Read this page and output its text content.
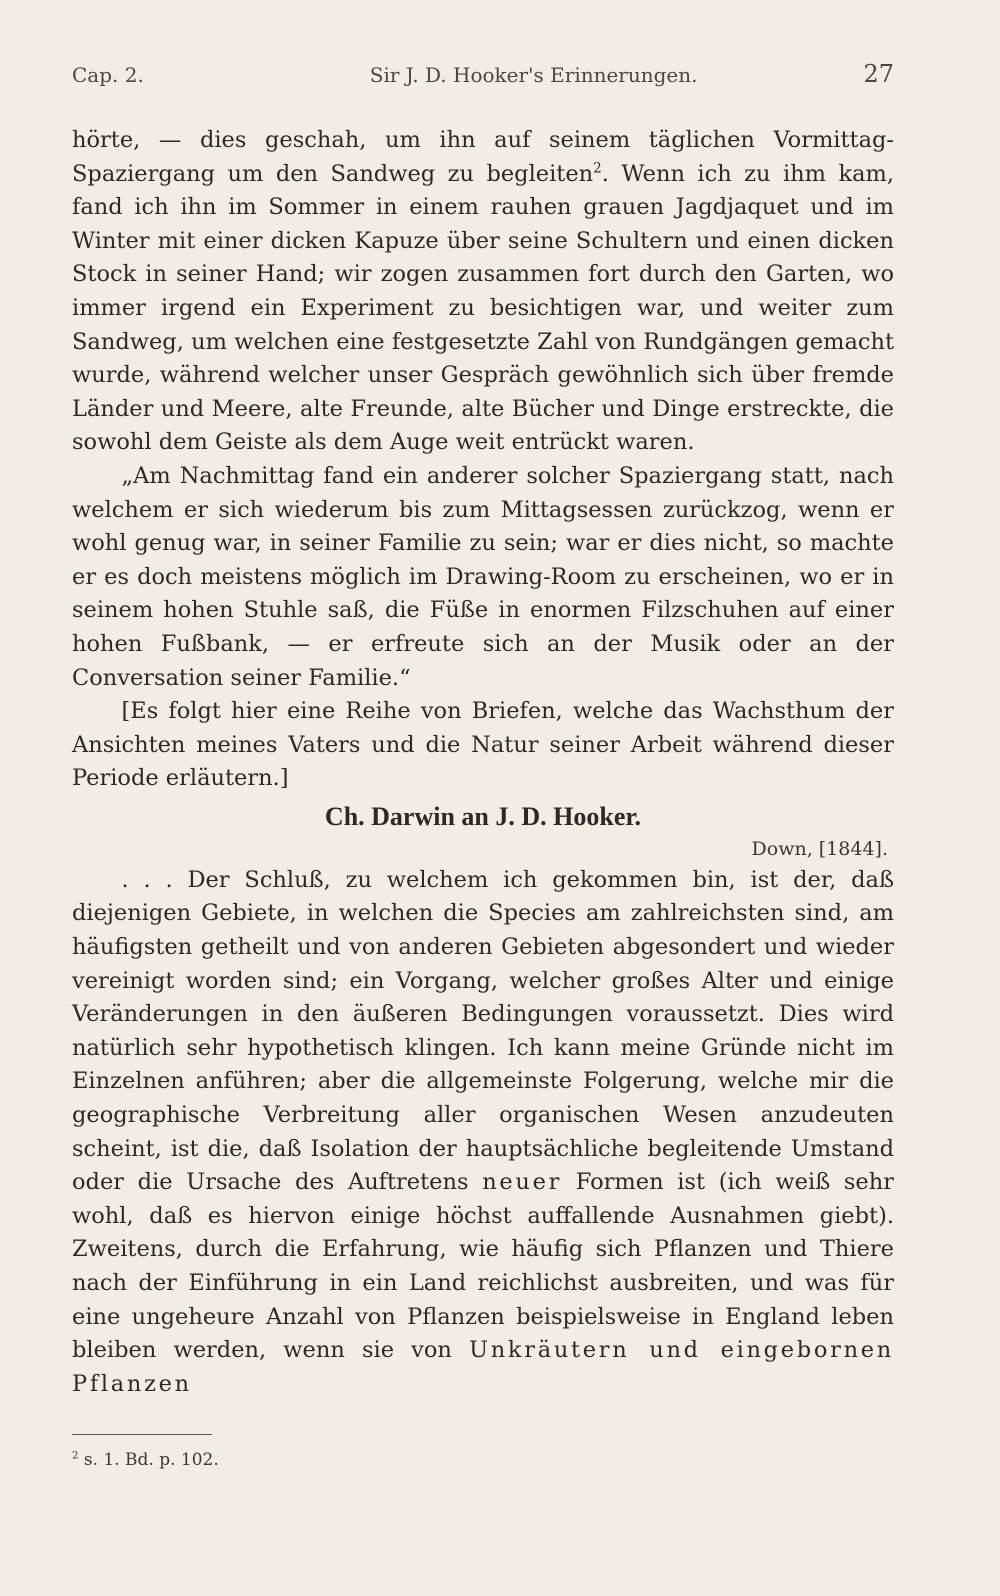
Cap. 2.	Sir J. D. Hooker's Erinnerungen.	27

hörte, — dies geschah, um ihn auf seinem täglichen Vormittag-Spaziergang um den Sandweg zu begleiten$^2$. Wenn ich zu ihm kam, fand ich ihn im Sommer in einem rauhen grauen Jagdjaquet und im Winter mit einer dicken Kapuze über seine Schultern und einen dicken Stock in seiner Hand; wir zogen zusammen fort durch den Garten, wo immer irgend ein Experiment zu besichtigen war, und weiter zum Sandweg, um welchen eine festgesetzte Zahl von Rundgängen gemacht wurde, während welcher unser Gespräch gewöhnlich sich über fremde Länder und Meere, alte Freunde, alte Bücher und Dinge erstreckte, die sowohl dem Geiste als dem Auge weit entrückt waren.

„Am Nachmittag fand ein anderer solcher Spaziergang statt, nach welchem er sich wiederum bis zum Mittagsessen zurückzog, wenn er wohl genug war, in seiner Familie zu sein; war er dies nicht, so machte er es doch meistens möglich im Drawing-Room zu erscheinen, wo er in seinem hohen Stuhle saß, die Füße in enormen Filzschuhen auf einer hohen Fußbank, — er erfreute sich an der Musik oder an der Conversation seiner Familie.“

[Es folgt hier eine Reihe von Briefen, welche das Wachsthum der Ansichten meines Vaters und die Natur seiner Arbeit während dieser Periode erläutern.]

Ch. Darwin an J. D. Hooker.
Down, [1844].

. . . Der Schluß, zu welchem ich gekommen bin, ist der, daß diejenigen Gebiete, in welchen die Species am zahlreichsten sind, am häufigsten getheilt und von anderen Gebieten abgesondert und wieder vereinigt worden sind; ein Vorgang, welcher großes Alter und einige Veränderungen in den äußeren Bedingungen voraussetzt. Dies wird natürlich sehr hypothetisch klingen. Ich kann meine Gründe nicht im Einzelnen anführen; aber die allgemeinste Folgerung, welche mir die geographische Verbreitung aller organischen Wesen anzudeuten scheint, ist die, daß Isolation der hauptsächliche begleitende Umstand oder die Ursache des Auftretens neuer Formen ist (ich weiß sehr wohl, daß es hiervon einige höchst auffallende Ausnahmen giebt). Zweitens, durch die Erfahrung, wie häufig sich Pflanzen und Thiere nach der Einführung in ein Land reichlichst ausbreiten, und was für eine ungeheure Anzahl von Pflanzen beispielsweise in England leben bleiben werden, wenn sie von Unkräutern und eingebornen Pflanzen

$^2$ s. 1. Bd. p. 102.
